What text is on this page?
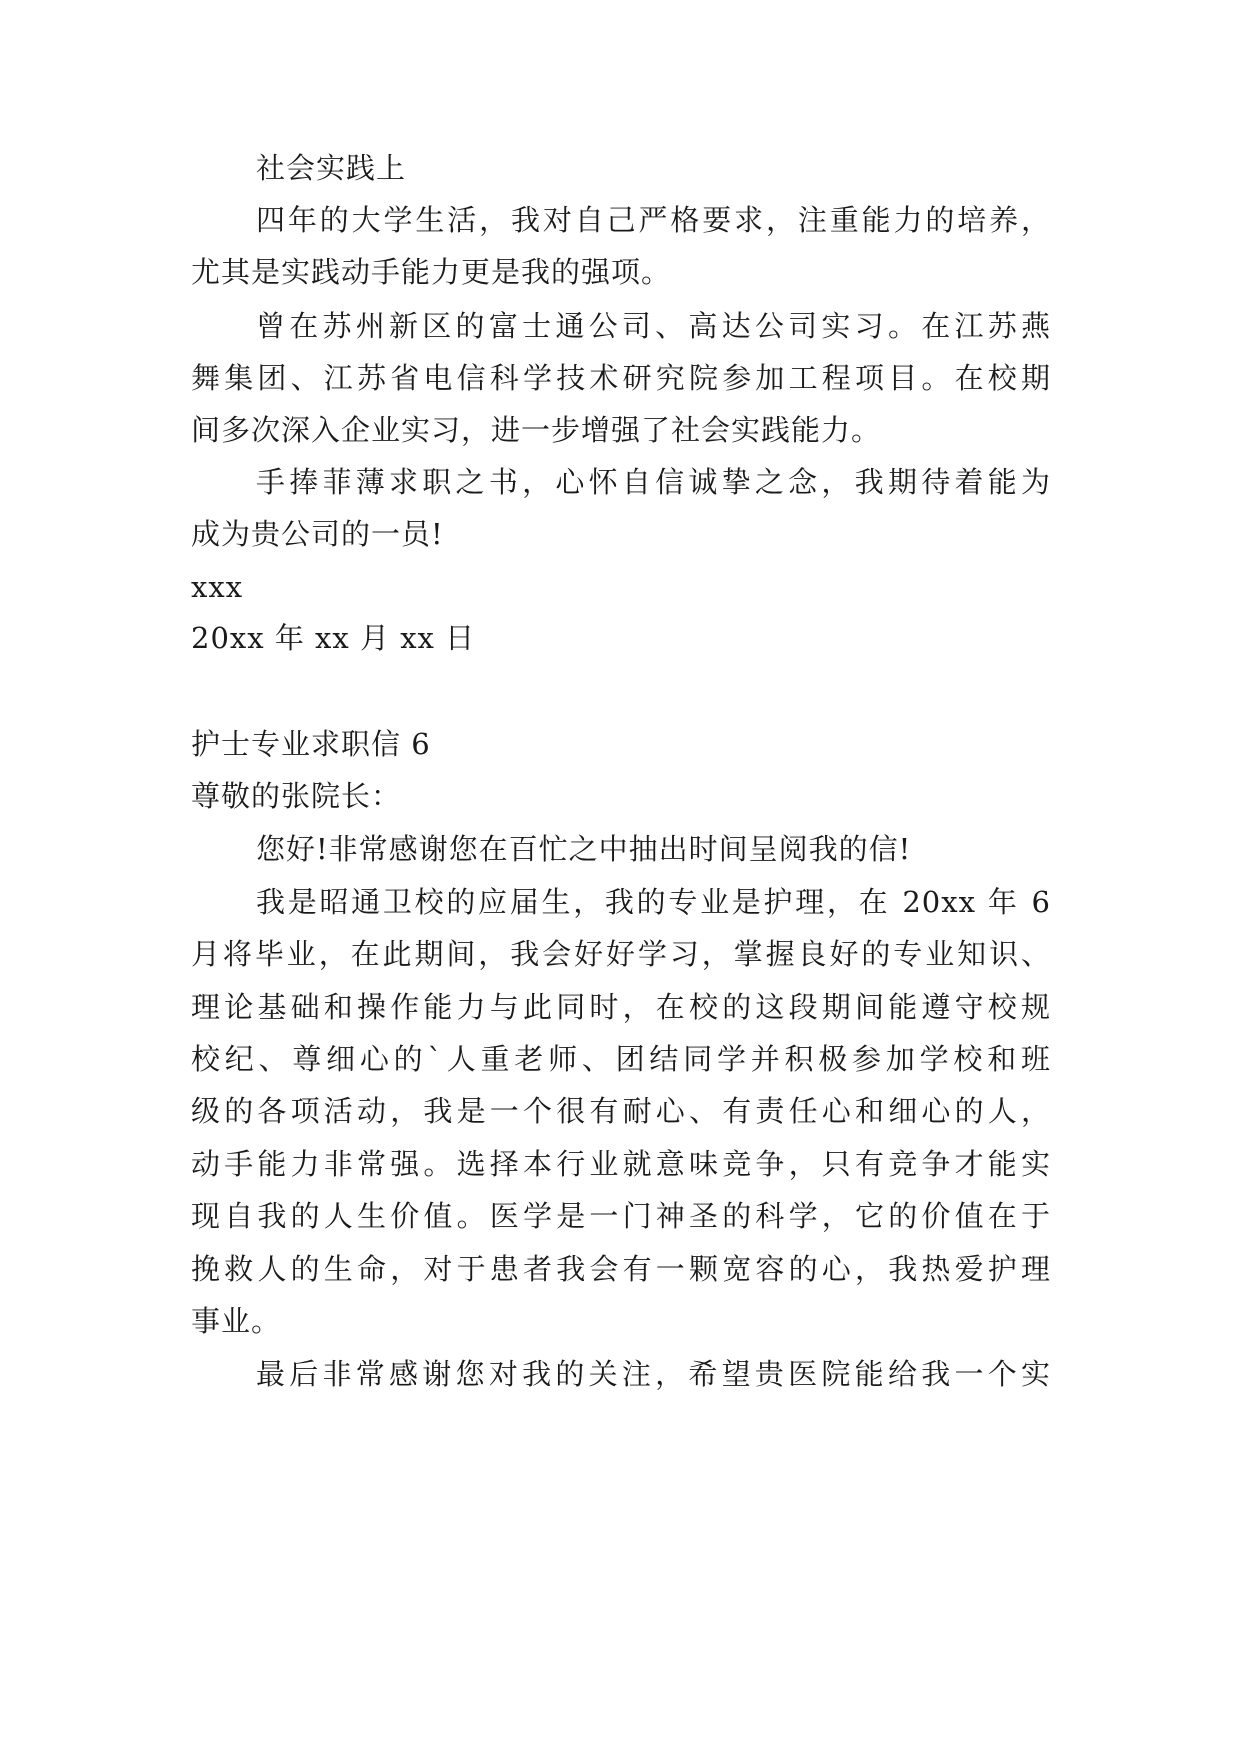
社会实践上
四年的大学生活，我对自己严格要求，注重能力的培养，
尤其是实践动手能力更是我的强项。
曾在苏州新区的富士通公司、高达公司实习。在江苏燕
舞集团、江苏省电信科学技术研究院参加工程项目。在校期
间多次深入企业实习，进一步增强了社会实践能力。
手捧菲薄求职之书，心怀自信诚挚之念，我期待着能为
成为贵公司的一员!
xxx
20xx 年 xx 月 xx 日
护士专业求职信 6
尊敬的张院长：
您好!非常感谢您在百忙之中抽出时间呈阅我的信!
我是昭通卫校的应届生，我的专业是护理，在 20xx 年 6
月将毕业，在此期间，我会好好学习，掌握良好的专业知识、
理论基础和操作能力与此同时，在校的这段期间能遵守校规
校纪、尊细心的`人重老师、团结同学并积极参加学校和班
级的各项活动，我是一个很有耐心、有责任心和细心的人，
动手能力非常强。选择本行业就意味竞争，只有竞争才能实
现自我的人生价值。医学是一门神圣的科学，它的价值在于
挽救人的生命，对于患者我会有一颗宽容的心，我热爱护理
事业。
最后非常感谢您对我的关注，希望贵医院能给我一个实
